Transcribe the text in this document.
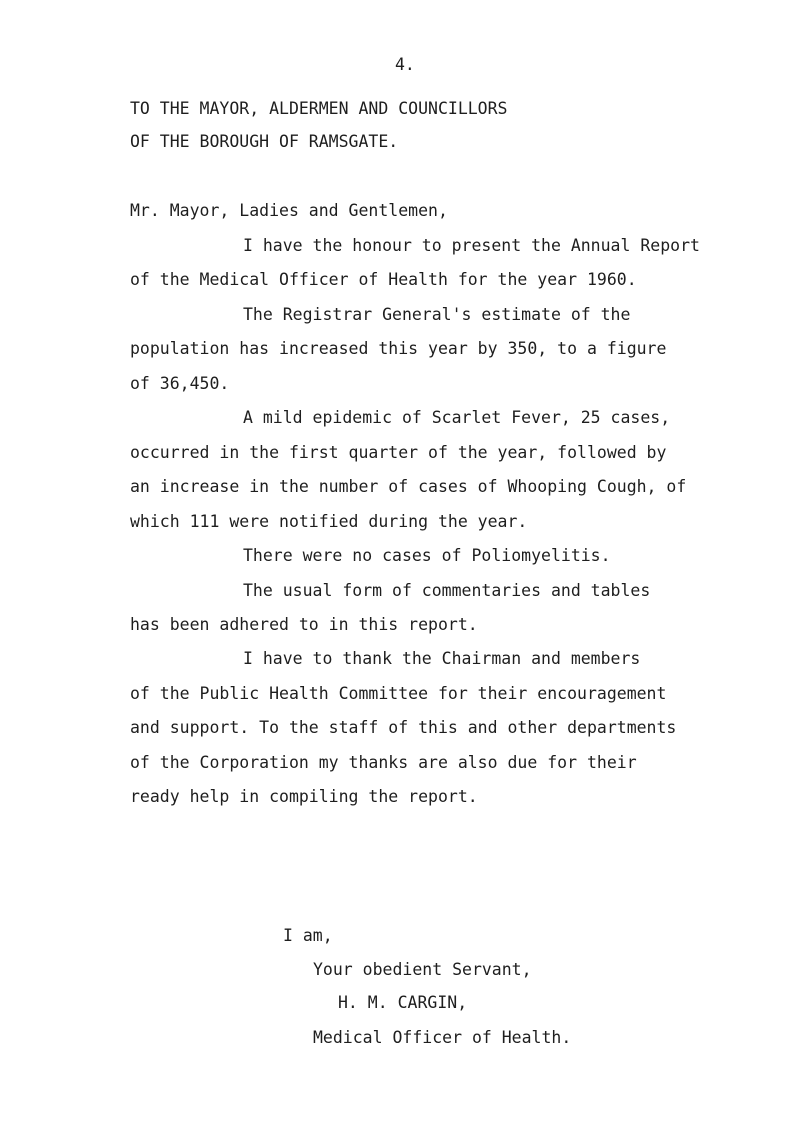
4.
TO THE MAYOR, ALDERMEN AND COUNCILLORS
OF THE BOROUGH OF RAMSGATE.
Mr. Mayor, Ladies and Gentlemen,
I have the honour to present the Annual Report
of the Medical Officer of Health for the year 1960.
The Registrar General's estimate of the
population has increased this year by 350, to a figure
of 36,450.
A mild epidemic of Scarlet Fever, 25 cases,
occurred in the first quarter of the year, followed by
an increase in the number of cases of Whooping Cough, of
which 111 were notified during the year.
There were no cases of Poliomyelitis.
The usual form of commentaries and tables
has been adhered to in this report.
I have to thank the Chairman and members
of the Public Health Committee for their encouragement
and support. To the staff of this and other departments
of the Corporation my thanks are also due for their
ready help in compiling the report.
I am,
Your obedient Servant,
H. M. CARGIN,
Medical Officer of Health.
